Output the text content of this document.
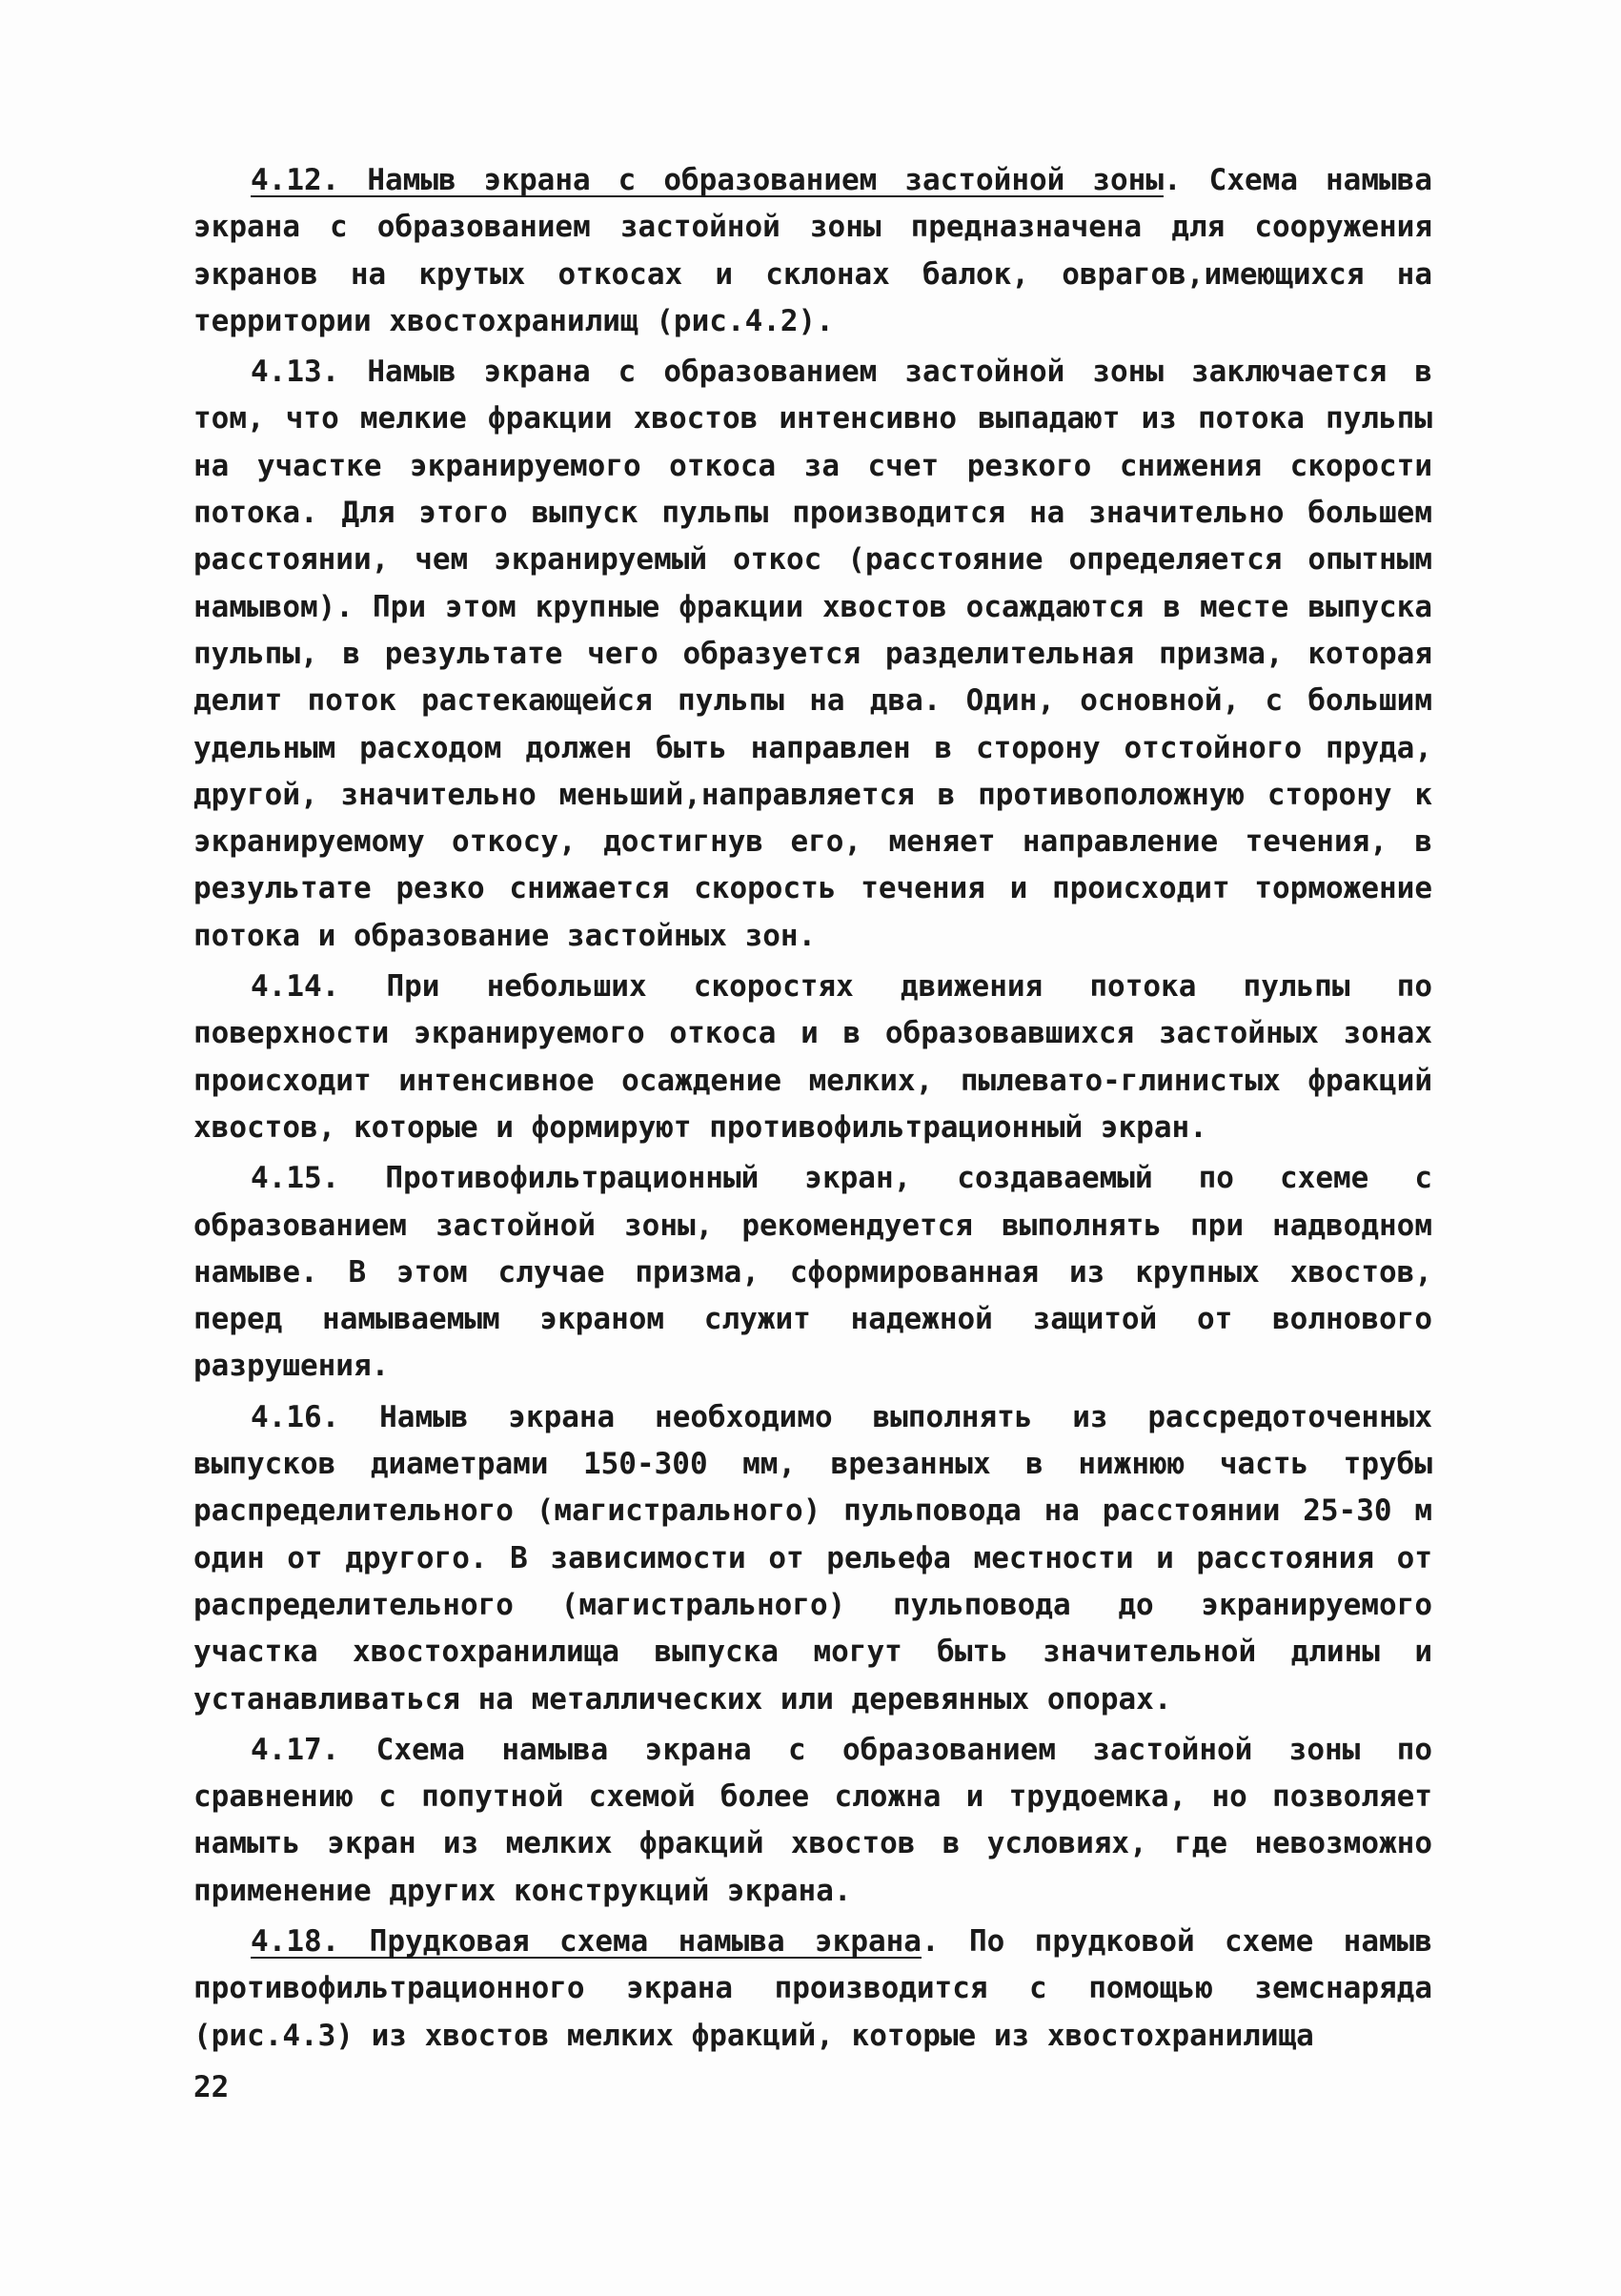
4.12. Намыв экрана с образованием застойной зоны. Схема намыва экрана с образованием застойной зоны предназначена для сооружения экранов на крутых откосах и склонах балок, оврагов,имеющихся на территории хвостохранилищ (рис.4.2).

4.13. Намыв экрана с образованием застойной зоны заключается в том, что мелкие фракции хвостов интенсивно выпадают из потока пульпы на участке экранируемого откоса за счет резкого снижения скорости потока. Для этого выпуск пульпы производится на значительно большем расстоянии, чем экранируемый откос (расстояние определяется опытным намывом). При этом крупные фракции хвостов осаждаются в месте выпуска пульпы, в результате чего образуется разделительная призма, которая делит поток растекающейся пульпы на два. Один, основной, с большим удельным расходом должен быть направлен в сторону отстойного пруда, другой, значительно меньший,направляется в противоположную сторону к экранируемому откосу, достигнув его, меняет направление течения, в результате резко снижается скорость течения и происходит торможение потока и образование застойных зон.

4.14. При небольших скоростях движения потока пульпы по поверхности экранируемого откоса и в образовавшихся застойных зонах происходит интенсивное осаждение мелких, пылевато-глинистых фракций хвостов, которые и формируют противофильтрационный экран.

4.15. Противофильтрационный экран, создаваемый по схеме с образованием застойной зоны, рекомендуется выполнять при надводном намыве. В этом случае призма, сформированная из крупных хвостов, перед намываемым экраном служит надежной защитой от волнового разрушения.

4.16. Намыв экрана необходимо выполнять из рассредоточенных выпусков диаметрами 150-300 мм, врезанных в нижнюю часть трубы распределительного (магистрального) пульповода на расстоянии 25-30 м один от другого. В зависимости от рельефа местности и расстояния от распределительного (магистрального) пульповода до экранируемого участка хвостохранилища выпуска могут быть значительной длины и устанавливаться на металлических или деревянных опорах.

4.17. Схема намыва экрана с образованием застойной зоны по сравнению с попутной схемой более сложна и трудоемка, но позволяет намыть экран из мелких фракций хвостов в условиях, где невозможно применение других конструкций экрана.

4.18. Прудковая схема намыва экрана. По прудковой схеме намыв противофильтрационного экрана производится с помощью земснаряда (рис.4.3) из хвостов мелких фракций, которые из хвостохранилища

22
